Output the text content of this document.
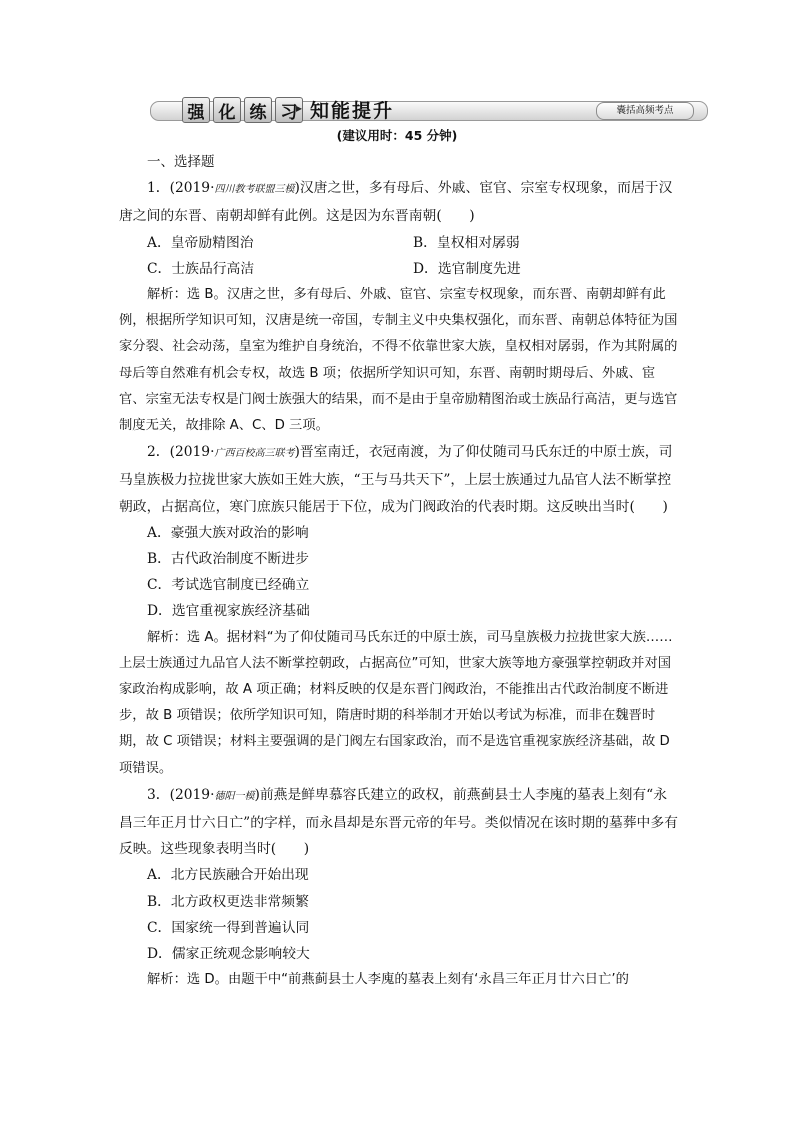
强 化 练 习
▸ 知能提升	囊括高频考点
(建议用时：45 分钟)

一、选择题

1．(2019·四川教考联盟三模)汉唐之世，多有母后、外戚、宦官、宗室专权现象，而居于汉唐之间的东晋、南朝却鲜有此例。这是因为东晋南朝(　　)

A．皇帝励精图治	B．皇权相对孱弱
C．士族品行高洁	D．选官制度先进

解析：选 B。汉唐之世，多有母后、外戚、宦官、宗室专权现象，而东晋、南朝却鲜有此例，根据所学知识可知，汉唐是统一帝国，专制主义中央集权强化，而东晋、南朝总体特征为国家分裂、社会动荡，皇室为维护自身统治，不得不依靠世家大族，皇权相对孱弱，作为其附属的母后等自然难有机会专权，故选 B 项；依据所学知识可知，东晋、南朝时期母后、外戚、宦官、宗室无法专权是门阀士族强大的结果，而不是由于皇帝励精图治或士族品行高洁，更与选官制度无关，故排除 A、C、D 三项。

2．(2019·广西百校高三联考)晋室南迁，衣冠南渡，为了仰仗随司马氏东迁的中原士族，司马皇族极力拉拢世家大族如王姓大族，“王与马共天下”，上层士族通过九品官人法不断掌控朝政，占据高位，寒门庶族只能居于下位，成为门阀政治的代表时期。这反映出当时(　　)

A．豪强大族对政治的影响

B．古代政治制度不断进步

C．考试选官制度已经确立

D．选官重视家族经济基础

解析：选 A。据材料“为了仰仗随司马氏东迁的中原士族，司马皇族极力拉拢世家大族……上层士族通过九品官人法不断掌控朝政，占据高位”可知，世家大族等地方豪强掌控朝政并对国家政治构成影响，故 A 项正确；材料反映的仅是东晋门阀政治，不能推出古代政治制度不断进步，故 B 项错误；依所学知识可知，隋唐时期的科举制才开始以考试为标准，而非在魏晋时期，故 C 项错误；材料主要强调的是门阀左右国家政治，而不是选官重视家族经济基础，故 D 项错误。

3．(2019·德阳一模)前燕是鲜卑慕容氏建立的政权，前燕蓟县士人李廆的墓表上刻有“永昌三年正月廿六日亡”的字样，而永昌却是东晋元帝的年号。类似情况在该时期的墓葬中多有反映。这些现象表明当时(　　)

A．北方民族融合开始出现

B．北方政权更迭非常频繁

C．国家统一得到普遍认同

D．儒家正统观念影响较大

解析：选 D。由题干中“前燕蓟县士人李廆的墓表上刻有‘永昌三年正月廿六日亡’的
